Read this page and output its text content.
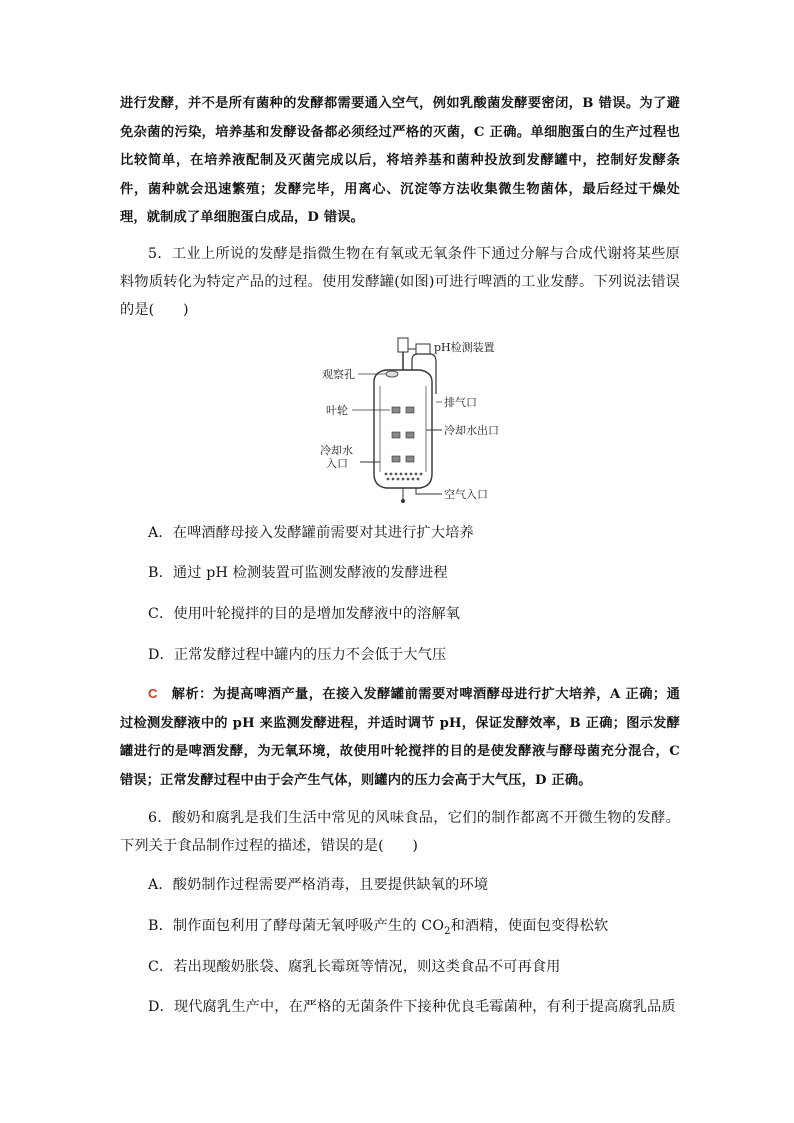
进行发酵，并不是所有菌种的发酵都需要通入空气，例如乳酸菌发酵要密闭，B 错误。为了避免杂菌的污染，培养基和发酵设备都必须经过严格的灭菌，C 正确。单细胞蛋白的生产过程也比较简单，在培养液配制及灭菌完成以后，将培养基和菌种投放到发酵罐中，控制好发酵条件，菌种就会迅速繁殖；发酵完毕，用离心、沉淀等方法收集微生物菌体，最后经过干燥处理，就制成了单细胞蛋白成品，D 错误。

5．工业上所说的发酵是指微生物在有氧或无氧条件下通过分解与合成代谢将某些原料物质转化为特定产品的过程。使用发酵罐(如图)可进行啤酒的工业发酵。下列说法错误的是(　　)

pH检测装置
观察孔
排气口
叶轮
冷却水出口
冷却水
入口
空气入口
A．在啤酒酵母接入发酵罐前需要对其进行扩大培养
B．通过 pH 检测装置可监测发酵液的发酵进程
C．使用叶轮搅拌的目的是增加发酵液中的溶解氧
D．正常发酵过程中罐内的压力不会低于大气压

C　 解析：为提高啤酒产量，在接入发酵罐前需要对啤酒酵母进行扩大培养，A 正确；通过检测发酵液中的 pH 来监测发酵进程，并适时调节 pH，保证发酵效率，B 正确；图示发酵罐进行的是啤酒发酵，为无氧环境，故使用叶轮搅拌的目的是使发酵液与酵母菌充分混合，C 错误；正常发酵过程中由于会产生气体，则罐内的压力会高于大气压，D 正确。

6．酸奶和腐乳是我们生活中常见的风味食品，它们的制作都离不开微生物的发酵。下列关于食品制作过程的描述，错误的是(　　)

A．酸奶制作过程需要严格消毒，且要提供缺氧的环境
B．制作面包利用了酵母菌无氧呼吸产生的 $CO_2$和酒精，使面包变得松软
C．若出现酸奶胀袋、腐乳长霉斑等情况，则这类食品不可再食用
D．现代腐乳生产中，在严格的无菌条件下接种优良毛霉菌种，有利于提高腐乳品质
